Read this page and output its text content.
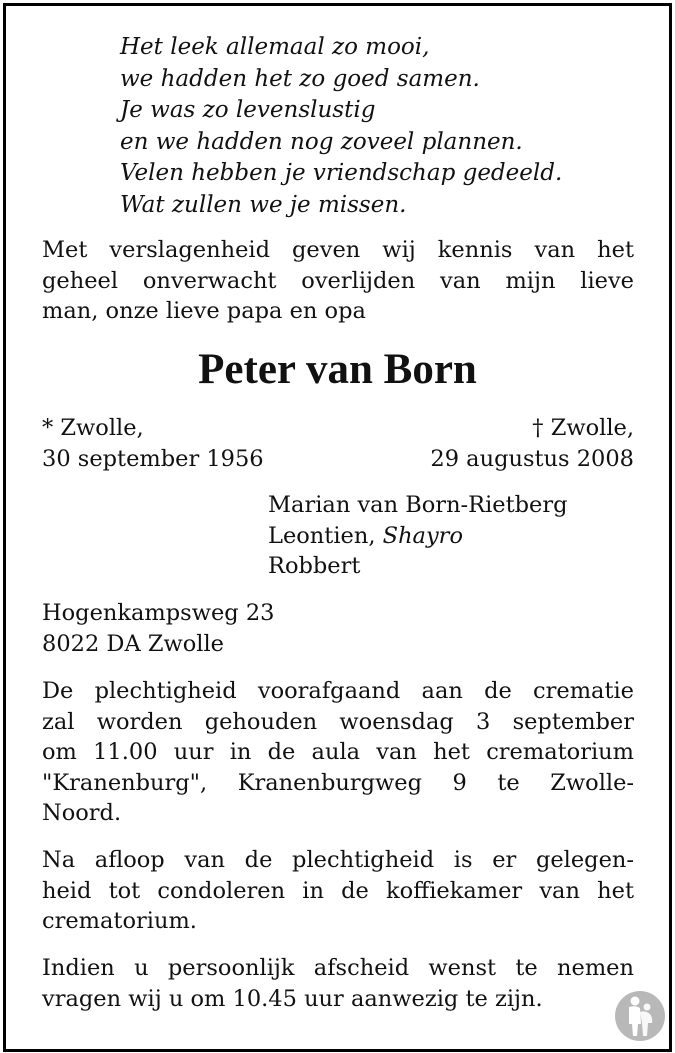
Het leek allemaal zo mooi,
we hadden het zo goed samen.
Je was zo levenslustig
en we hadden nog zoveel plannen.
Velen hebben je vriendschap gedeeld.
Wat zullen we je missen.
Met verslagenheid geven wij kennis van het
geheel onverwacht overlijden van mijn lieve
man, onze lieve papa en opa
Peter van Born
* Zwolle,
30 september 1956
† Zwolle,
29 augustus 2008
Marian van Born-Rietberg
Leontien, Shayro
Robbert
Hogenkampsweg 23
8022 DA Zwolle
De plechtigheid voorafgaand aan de crematie
zal worden gehouden woensdag 3 september
om 11.00 uur in de aula van het crematorium
"Kranenburg", Kranenburgweg 9 te Zwolle-
Noord.
Na afloop van de plechtigheid is er gelegen-
heid tot condoleren in de koffiekamer van het
crematorium.
Indien u persoonlijk afscheid wenst te nemen
vragen wij u om 10.45 uur aanwezig te zijn.
